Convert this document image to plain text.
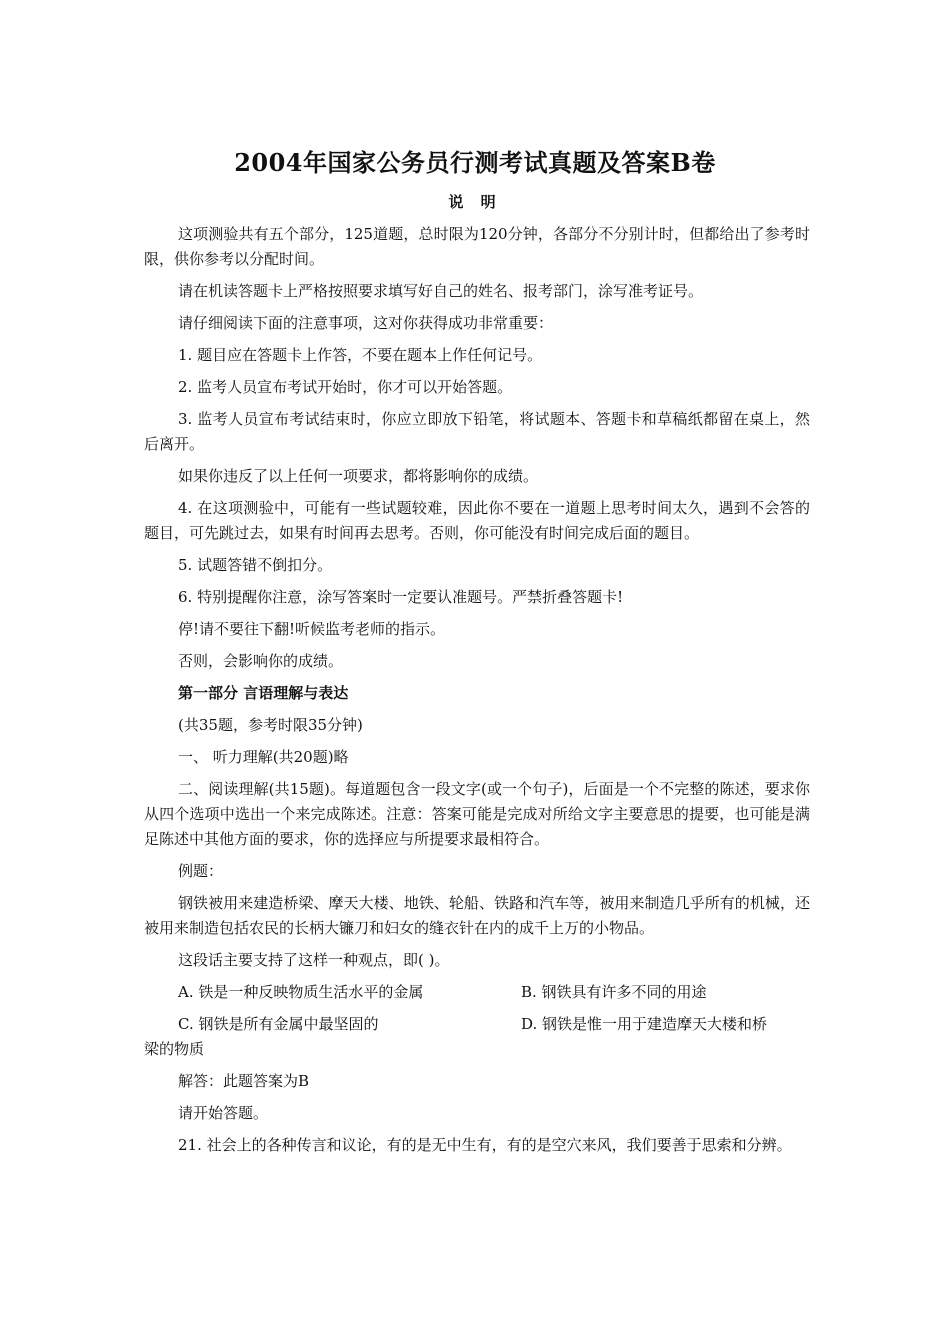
2004年国家公务员行测考试真题及答案B卷
说 明

这项测验共有五个部分，125道题，总时限为120分钟，各部分不分别计时，但都给出了参考时限，供你参考以分配时间。

请在机读答题卡上严格按照要求填写好自己的姓名、报考部门，涂写准考证号。

请仔细阅读下面的注意事项，这对你获得成功非常重要：

1. 题目应在答题卡上作答，不要在题本上作任何记号。

2. 监考人员宣布考试开始时，你才可以开始答题。

3. 监考人员宣布考试结束时，你应立即放下铅笔，将试题本、答题卡和草稿纸都留在桌上，然后离开。

如果你违反了以上任何一项要求，都将影响你的成绩。

4. 在这项测验中，可能有一些试题较难，因此你不要在一道题上思考时间太久，遇到不会答的题目，可先跳过去，如果有时间再去思考。否则，你可能没有时间完成后面的题目。

5. 试题答错不倒扣分。

6. 特别提醒你注意，涂写答案时一定要认准题号。严禁折叠答题卡!

停!请不要往下翻!听候监考老师的指示。

否则，会影响你的成绩。

第一部分 言语理解与表达

(共35题，参考时限35分钟)

一、 听力理解(共20题)略

二、阅读理解(共15题)。每道题包含一段文字(或一个句子)，后面是一个不完整的陈述，要求你从四个选项中选出一个来完成陈述。注意：答案可能是完成对所给文字主要意思的提要，也可能是满足陈述中其他方面的要求，你的选择应与所提要求最相符合。

例题：

钢铁被用来建造桥梁、摩天大楼、地铁、轮船、铁路和汽车等，被用来制造几乎所有的机械，还被用来制造包括农民的长柄大镰刀和妇女的缝衣针在内的成千上万的小物品。

这段话主要支持了这样一种观点，即( )。

A. 铁是一种反映物质生活水平的金属	B. 钢铁具有许多不同的用途
C. 钢铁是所有金属中最坚固的	D. 钢铁是惟一用于建造摩天大楼和桥
梁的物质

解答：此题答案为B

请开始答题。

21. 社会上的各种传言和议论，有的是无中生有，有的是空穴来风，我们要善于思索和分辨。
